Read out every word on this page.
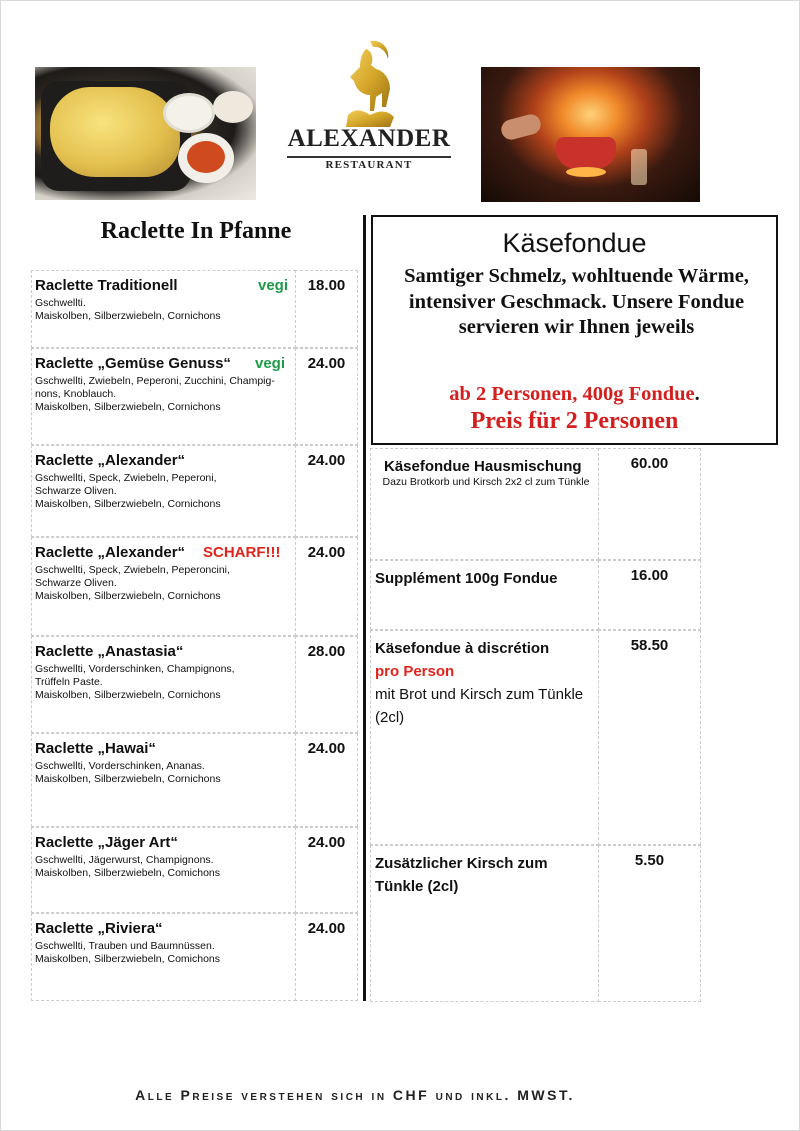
ALEXANDER
RESTAURANT
Raclette In Pfanne
Raclette Traditionell	vegi
Gschwellti.
Maiskolben, Silberzwiebeln, Cornichons
18.00
Raclette „Gemüse Genuss“ vegi
Gschwellti, Zwiebeln, Peperoni, Zucchini, Champig-
nons, Knoblauch.
Maiskolben, Silberzwiebeln, Cornichons
24.00
Raclette „Alexander“
Gschwellti, Speck, Zwiebeln, Peperoni,
Schwarze Oliven.
Maiskolben, Silberzwiebeln, Cornichons
24.00
Raclette „Alexander“ SCHARF!!!
Gschwellti, Speck, Zwiebeln, Peperoncini,
Schwarze Oliven.
Maiskolben, Silberzwiebeln, Cornichons
24.00
Raclette „Anastasia“
Gschwellti, Vorderschinken, Champignons,
Trüffeln Paste.
Maiskolben, Silberzwiebeln, Cornichons
28.00
Raclette „Hawai“
Gschwellti, Vorderschinken, Ananas.
Maiskolben, Silberzwiebeln, Cornichons
24.00
Raclette „Jäger Art“
Gschwellti, Jägerwurst, Champignons.
Maiskolben, Silberzwiebeln, Comichons
24.00
Raclette „Riviera“
Gschwellti, Trauben und Baumnüssen.
Maiskolben, Silberzwiebeln, Comichons
24.00
Käsefondue
Samtiger Schmelz, wohltuende Wärme, intensiver Geschmack. Unsere Fondue servieren wir Ihnen jeweils
ab 2 Personen, 400g Fondue.
Preis für 2 Personen
Käsefondue Hausmischung
Dazu Brotkorb und Kirsch 2x2 cl zum Tünkle
60.00
Supplément 100g Fondue	16.00
Käsefondue à discrétion
pro Person
mit Brot und Kirsch zum Tünkle (2cl)
58.50
Zusätzlicher Kirsch zum Tünkle (2cl)
5.50
Alle Preise verstehen sich in CHF und inkl. MWST.
